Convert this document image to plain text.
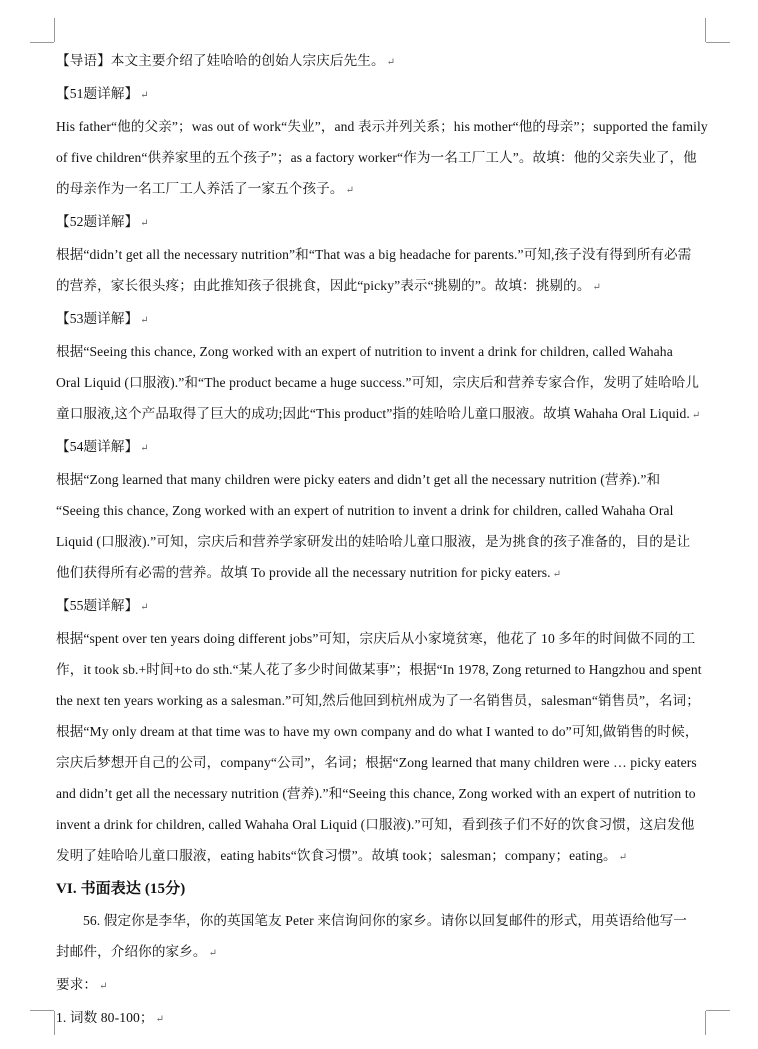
【导语】本文主要介绍了娃哈哈的创始人宗庆后先生。 ↵

【51题详解】 ↵

His father“他的父亲”；was out of work“失业”，and 表示并列关系；his mother“他的母亲”；supported the family

of five children“供养家里的五个孩子”；as a factory worker“作为一名工厂工人”。故填：他的父亲失业了，他

的母亲作为一名工厂工人养活了一家五个孩子。 ↵

【52题详解】 ↵

根据“didn’t get all the necessary nutrition”和“That was a big headache for parents.”可知,孩子没有得到所有必需

的营养，家长很头疼；由此推知孩子很挑食，因此“picky”表示“挑剔的”。故填：挑剔的。 ↵

【53题详解】 ↵

根据“Seeing this chance, Zong worked with an expert of nutrition to invent a drink for children, called Wahaha

Oral Liquid (口服液).”和“The product became a huge success.”可知，宗庆后和营养专家合作，发明了娃哈哈儿

童口服液,这个产品取得了巨大的成功;因此“This product”指的娃哈哈儿童口服液。故填 Wahaha Oral Liquid. ↵

【54题详解】 ↵

根据“Zong learned that many children were picky eaters and didn’t get all the necessary nutrition (营养).”和

“Seeing this chance, Zong worked with an expert of nutrition to invent a drink for children, called Wahaha Oral

Liquid (口服液).”可知，宗庆后和营养学家研发出的娃哈哈儿童口服液，是为挑食的孩子准备的，目的是让

他们获得所有必需的营养。故填 To provide all the necessary nutrition for picky eaters. ↵

【55题详解】 ↵

根据“spent over ten years doing different jobs”可知，宗庆后从小家境贫寒，他花了 10 多年的时间做不同的工

作，it took sb.+时间+to do sth.“某人花了多少时间做某事”；根据“In 1978, Zong returned to Hangzhou and spent

the next ten years working as a salesman.”可知,然后他回到杭州成为了一名销售员，salesman“销售员”，名词；

根据“My only dream at that time was to have my own company and do what I wanted to do”可知,做销售的时候，

宗庆后梦想开自己的公司，company“公司”，名词；根据“Zong learned that many children were … picky eaters

and didn’t get all the necessary nutrition (营养).”和“Seeing this chance, Zong worked with an expert of nutrition to

invent a drink for children, called Wahaha Oral Liquid (口服液).”可知，看到孩子们不好的饮食习惯，这启发他

发明了娃哈哈儿童口服液，eating habits“饮食习惯”。故填 took；salesman；company；eating。 ↵

VI. 书面表达 (15分)

56. 假定你是李华，你的英国笔友 Peter 来信询问你的家乡。请你以回复邮件的形式，用英语给他写一

封邮件，介绍你的家乡。 ↵

要求： ↵

1. 词数 80-100； ↵
